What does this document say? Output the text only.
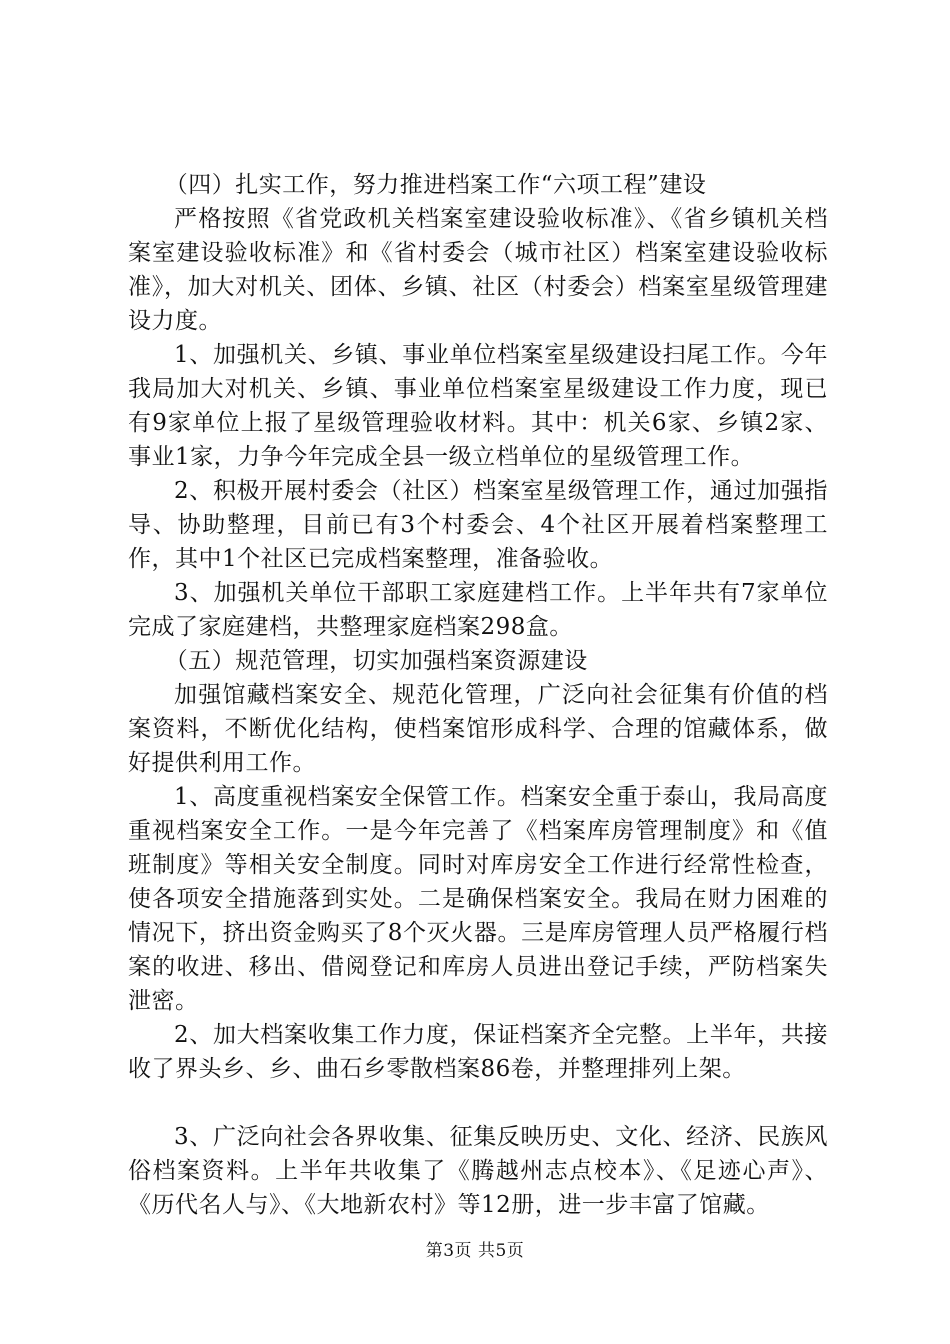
（四）扎实工作，努力推进档案工作“六项工程”建设

严格按照《省党政机关档案室建设验收标准》、《省乡镇机关档案室建设验收标准》和《省村委会（城市社区）档案室建设验收标准》，加大对机关、团体、乡镇、社区（村委会）档案室星级管理建设力度。

1、加强机关、乡镇、事业单位档案室星级建设扫尾工作。今年我局加大对机关、乡镇、事业单位档案室星级建设工作力度，现已有9家单位上报了星级管理验收材料。其中：机关6家、乡镇2家、事业1家，力争今年完成全县一级立档单位的星级管理工作。

2、积极开展村委会（社区）档案室星级管理工作，通过加强指导、协助整理，目前已有3个村委会、4个社区开展着档案整理工作，其中1个社区已完成档案整理，准备验收。

3、加强机关单位干部职工家庭建档工作。上半年共有7家单位完成了家庭建档，共整理家庭档案298盒。

（五）规范管理，切实加强档案资源建设

加强馆藏档案安全、规范化管理，广泛向社会征集有价值的档案资料，不断优化结构，使档案馆形成科学、合理的馆藏体系，做好提供利用工作。

1、高度重视档案安全保管工作。档案安全重于泰山，我局高度重视档案安全工作。一是今年完善了《档案库房管理制度》和《值班制度》等相关安全制度。同时对库房安全工作进行经常性检查，使各项安全措施落到实处。二是确保档案安全。我局在财力困难的情况下，挤出资金购买了8个灭火器。三是库房管理人员严格履行档案的收进、移出、借阅登记和库房人员进出登记手续，严防档案失泄密。

2、加大档案收集工作力度，保证档案齐全完整。上半年，共接收了界头乡、乡、曲石乡零散档案86卷，并整理排列上架。

3、广泛向社会各界收集、征集反映历史、文化、经济、民族风俗档案资料。上半年共收集了《腾越州志点校本》、《足迹心声》、《历代名人与》、《大地新农村》等12册，进一步丰富了馆藏。

第3页 共5页
